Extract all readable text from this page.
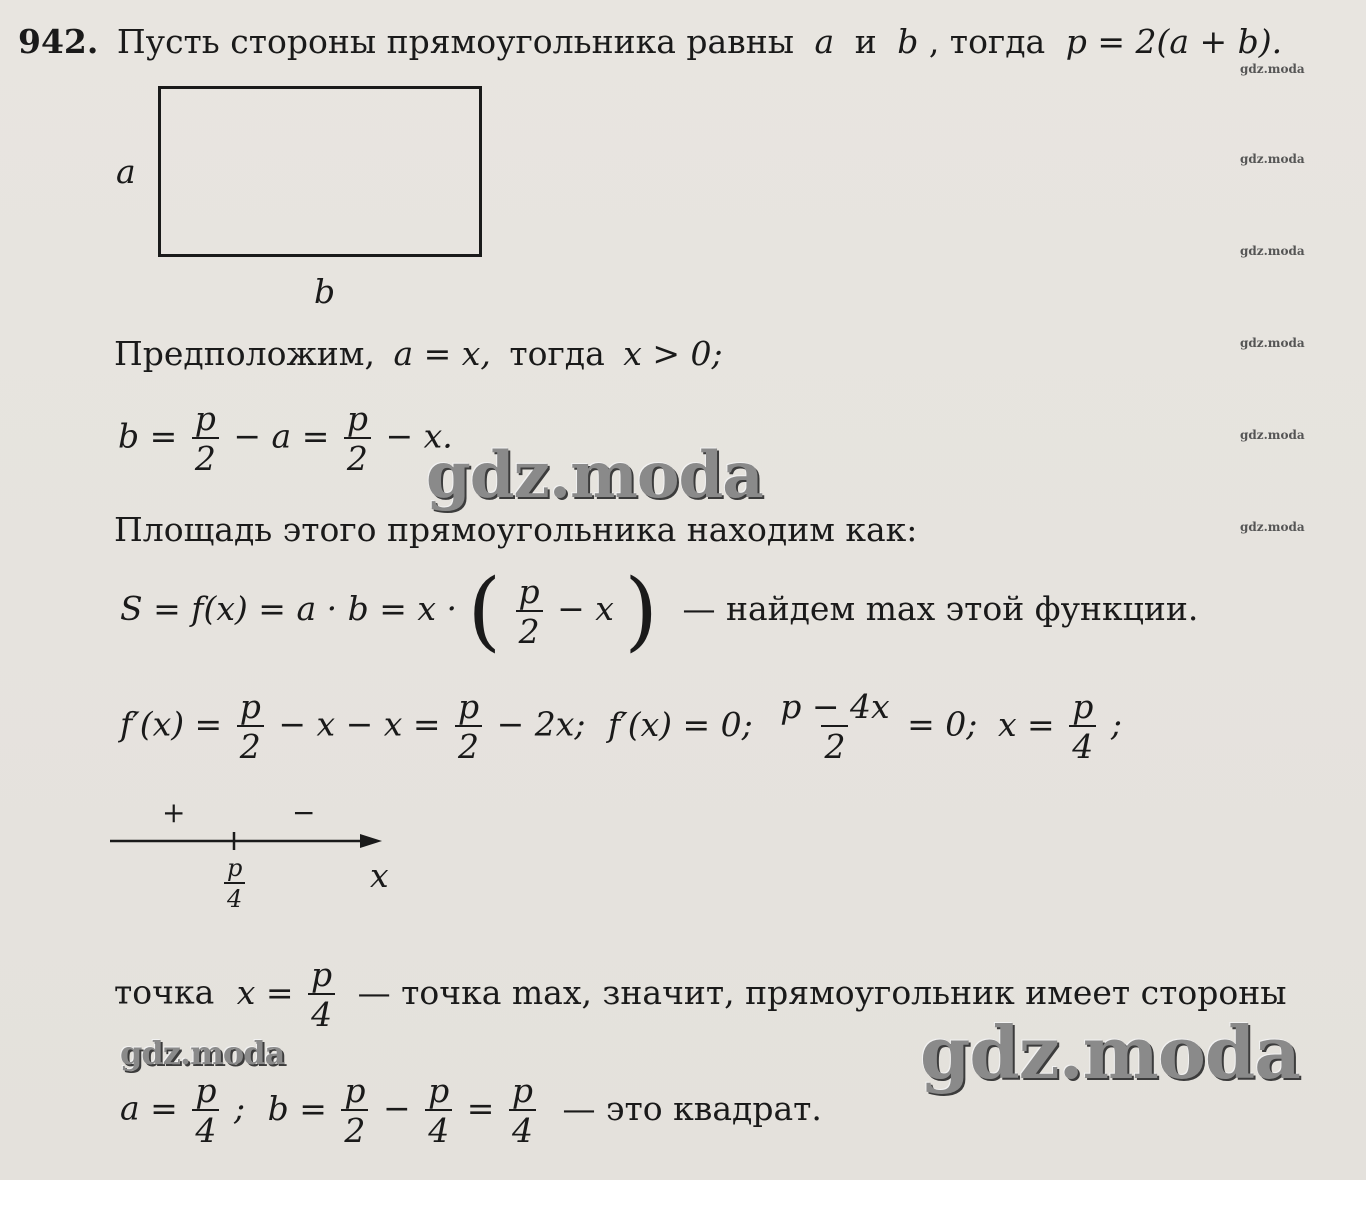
942. Пусть стороны прямоугольника равны a и b , тогда p = 2(a + b).
a
b
Предположим, a = x, тогда x > 0;
$b = \frac{p}{2} - a = \frac{p}{2} - x$.
Площадь этого прямоугольника находим как:
S = f(x) = a · b = x · ( $\frac{p}{2} - x$ ) — найдем max этой функции.
$f'(x) = \frac{p}{2} - x - x = \frac{p}{2} - 2x$; f′(x) = 0; $\frac{p - 4x}{2} = 0$; $x = \frac{p}{4}$ ;
+	−
$\frac{p}{4}$	x
точка $x = \frac{p}{4}$ — точка max, значит, прямоугольник имеет стороны
$a = \frac{p}{4}$ ; $b = \frac{p}{2} - \frac{p}{4} = \frac{p}{4}$ — это квадрат.
gdz.moda
gdz.moda
gdz.moda
gdz.moda
gdz.moda
gdz.moda
gdz.moda
gdz.moda	gdz.moda
